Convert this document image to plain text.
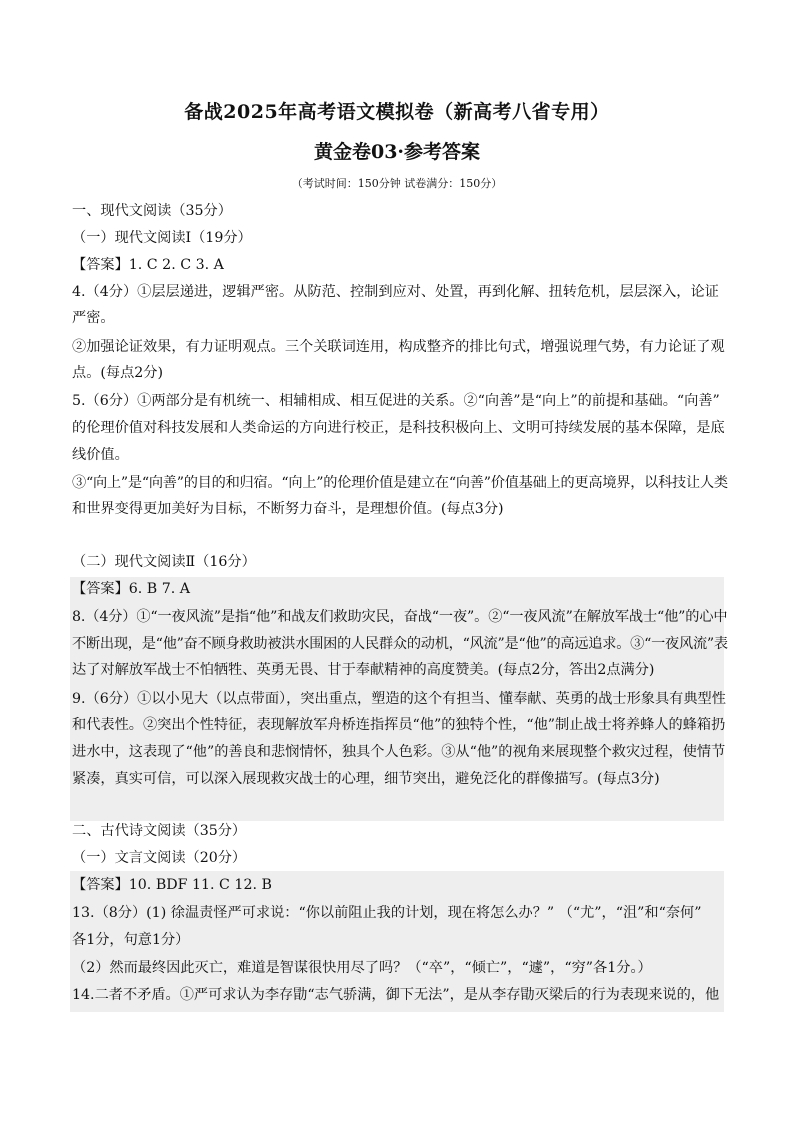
备战2025年高考语文模拟卷（新高考八省专用）
黄金卷03·参考答案
（考试时间：150分钟 试卷满分：150分）
一、现代文阅读（35分）
（一）现代文阅读Ⅰ（19分）
【答案】1. C 2. C 3. A
4.（4分）①层层递进，逻辑严密。从防范、控制到应对、处置，再到化解、扭转危机，层层深入，论证
严密。
②加强论证效果，有力证明观点。三个关联词连用，构成整齐的排比句式，增强说理气势，有力论证了观
点。(每点2分)
5.（6分）①两部分是有机统一、相辅相成、相互促进的关系。②“向善”是“向上”的前提和基础。“向善”
的伦理价值对科技发展和人类命运的方向进行校正，是科技积极向上、文明可持续发展的基本保障，是底
线价值。
③“向上”是“向善”的目的和归宿。“向上”的伦理价值是建立在“向善”价值基础上的更高境界，以科技让人类
和世界变得更加美好为目标，不断努力奋斗，是理想价值。(每点3分)
（二）现代文阅读Ⅱ（16分）
【答案】6. B 7. A
8.（4分）①“一夜风流”是指“他”和战友们救助灾民，奋战“一夜”。②“一夜风流”在解放军战士“他”的心中
不断出现，是“他”奋不顾身救助被洪水围困的人民群众的动机，“风流”是“他”的高远追求。③“一夜风流”表
达了对解放军战士不怕牺牲、英勇无畏、甘于奉献精神的高度赞美。(每点2分，答出2点满分)
9.（6分）①以小见大（以点带面），突出重点，塑造的这个有担当、懂奉献、英勇的战士形象具有典型性
和代表性。②突出个性特征，表现解放军舟桥连指挥员“他”的独特个性，“他”制止战士将养蜂人的蜂箱扔
进水中，这表现了“他”的善良和悲悯情怀，独具个人色彩。③从“他”的视角来展现整个救灾过程，使情节
紧凑，真实可信，可以深入展现救灾战士的心理，细节突出，避免泛化的群像描写。(每点3分)
二、古代诗文阅读（35分）
（一）文言文阅读（20分）
【答案】10. BDF 11. C 12. B
13.（8分）(1) 徐温责怪严可求说：“你以前阻止我的计划，现在将怎么办？” （“尤”，“沮”和“奈何”
各1分，句意1分）
（2）然而最终因此灭亡，难道是智谋很快用尽了吗？（“卒”，“倾亡”，“遽”，“穷”各1分。）
14.二者不矛盾。①严可求认为李存勖“志气骄满，御下无法”，是从李存勖灭梁后的行为表现来说的，他
